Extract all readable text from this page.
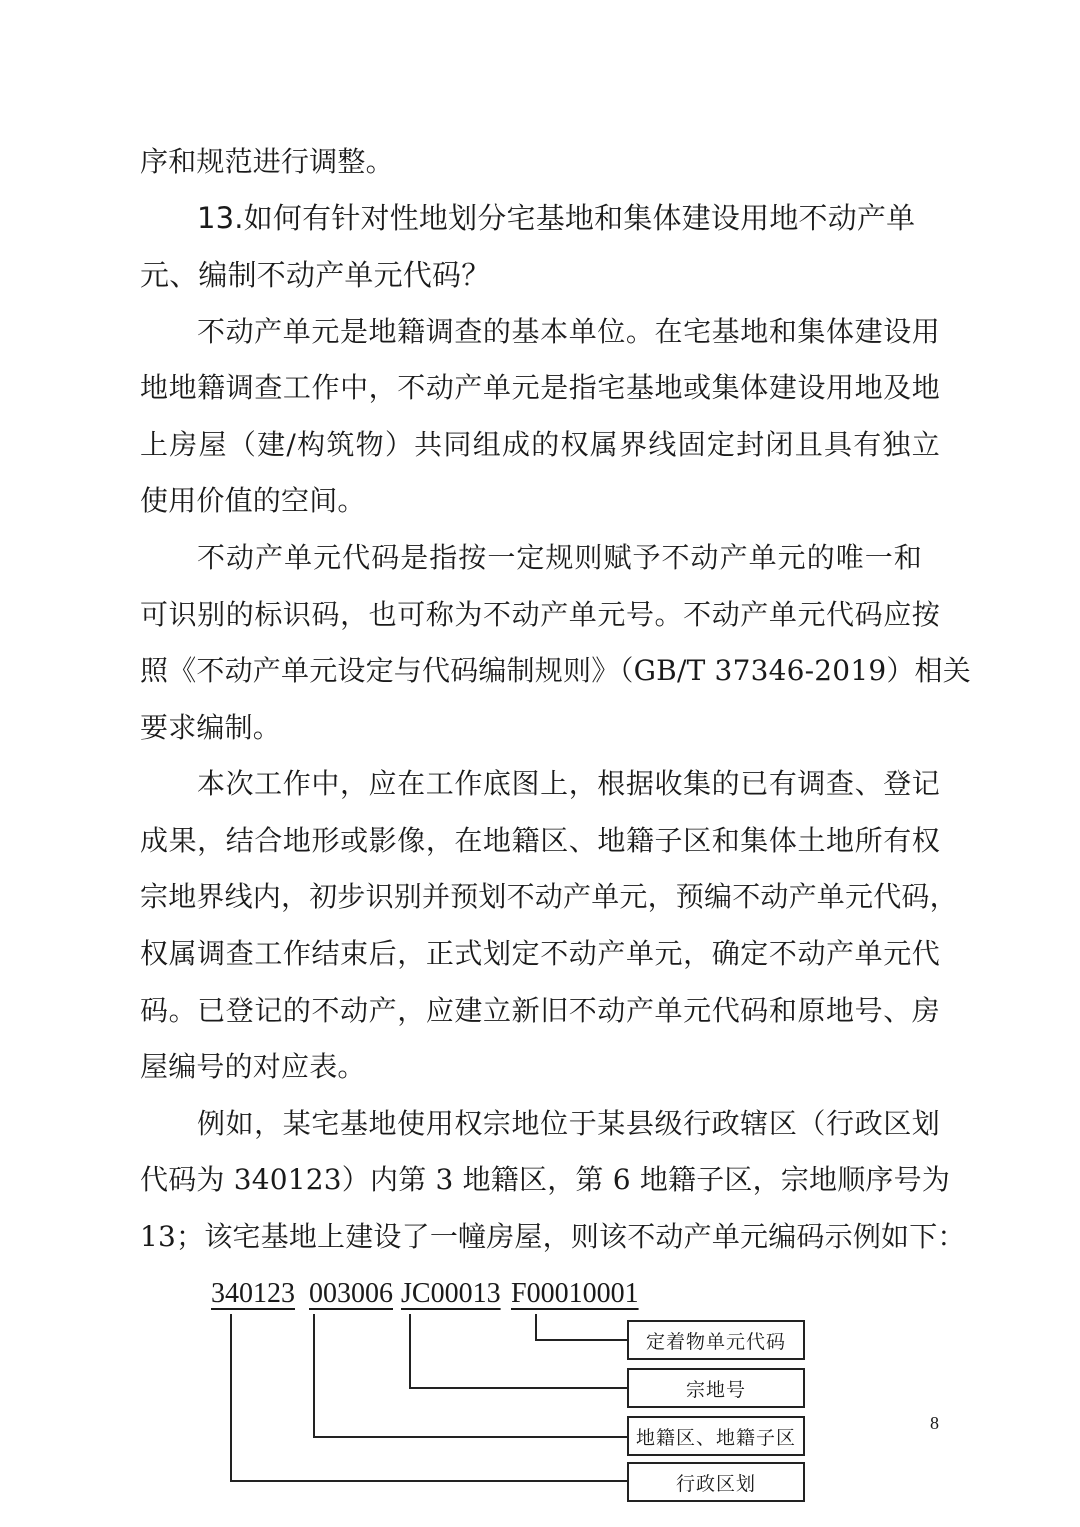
序和规范进行调整。
13.如何有针对性地划分宅基地和集体建设用地不动产单
元、编制不动产单元代码？
不动产单元是地籍调查的基本单位。在宅基地和集体建设用
地地籍调查工作中，不动产单元是指宅基地或集体建设用地及地
上房屋（建/构筑物）共同组成的权属界线固定封闭且具有独立
使用价值的空间。
不动产单元代码是指按一定规则赋予不动产单元的唯一和
可识别的标识码，也可称为不动产单元号。不动产单元代码应按
照《不动产单元设定与代码编制规则》（GB/T 37346-2019）相关
要求编制。
本次工作中，应在工作底图上，根据收集的已有调查、登记
成果，结合地形或影像，在地籍区、地籍子区和集体土地所有权
宗地界线内，初步识别并预划不动产单元，预编不动产单元代码，
权属调查工作结束后，正式划定不动产单元，确定不动产单元代
码。已登记的不动产，应建立新旧不动产单元代码和原地号、房
屋编号的对应表。
例如，某宅基地使用权宗地位于某县级行政辖区（行政区划
代码为 340123）内第 3 地籍区，第 6 地籍子区，宗地顺序号为
13；该宅基地上建设了一幢房屋，则该不动产单元编码示例如下：
340123 003006 JC00013 F00010001
定着物单元代码
宗地号
地籍区、地籍子区
行政区划
8
